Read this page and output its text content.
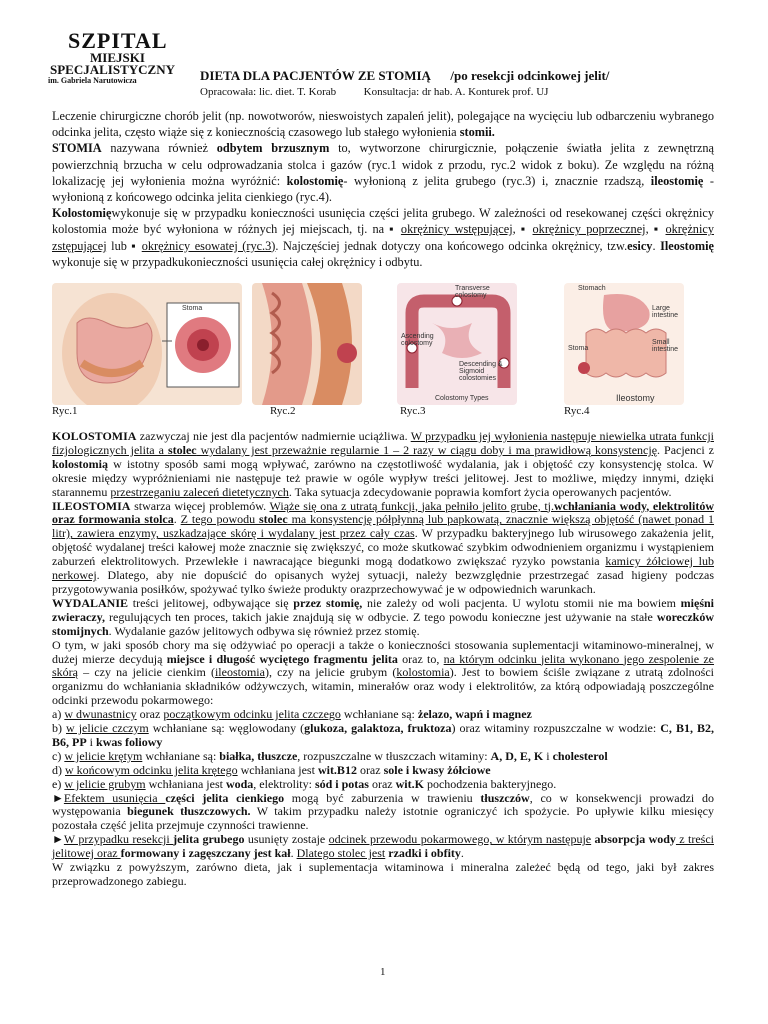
SZPITAL
MIEJSKI
SPECJALISTYCZNY
im. Gabriela Narutowicza	DIETA DLA PACJENTÓW ZE STOMIĄ /po resekcji odcinkowej jelit/
Opracowała: lic. diet. T. Korab	Konsultacja: dr hab. A. Konturek prof. UJ

Leczenie chirurgiczne chorób jelit (np. nowotworów, nieswoistych zapaleń jelit), polegające na wycięciu lub odbarczeniu wybranego odcinka jelita, często wiąże się z koniecznością czasowego lub stałego wyłonienia stomii.

STOMIA nazywana również odbytem brzusznym to, wytworzone chirurgicznie, połączenie światła jelita z zewnętrzną powierzchnią brzucha w celu odprowadzania stolca i gazów (ryc.1 widok z przodu, ryc.2 widok z boku). Ze względu na różną lokalizację jej wyłonienia można wyróżnić: kolostomię- wyłonioną z jelita grubego (ryc.3) i, znacznie rzadszą, ileostomię - wyłonioną z końcowego odcinka jelita cienkiego (ryc.4).

Kolostomięwykonuje się w przypadku konieczności usunięcia części jelita grubego. W zależności od resekowanej części okrężnicy kolostomia może być wyłoniona w różnych jej miejscach, tj. na ▪ okrężnicy wstępującej, ▪ okrężnicy poprzecznej, ▪ okrężnicy zstępującej lub ▪ okrężnicy esowatej (ryc.3). Najczęściej jednak dotyczy ona końcowego odcinka okrężnicy, tzw.esicy. Ileostomię wykonuje się w przypadkukonieczności usunięcia całej okrężnicy i odbytu.

Stoma
Transverse colostomy
Ascending colostomy
Descending & Sigmoid colostomies
Colostomy Types
Stomach
Large intestine
Stoma
Small intestine
Ileostomy
Ryc.1	Ryc.2	Ryc.3	Ryc.4

KOLOSTOMIA zazwyczaj nie jest dla pacjentów nadmiernie uciążliwa. W przypadku jej wyłonienia następuje niewielka utrata funkcji fizjologicznych jelita a stolec wydalany jest przeważnie regularnie 1 – 2 razy w ciągu doby i ma prawidłową konsystencję. Pacjenci z kolostomią w istotny sposób sami mogą wpływać, zarówno na częstotliwość wydalania, jak i objętość czy konsystencję stolca. W okresie między wypróżnieniami nie następuje też prawie w ogóle wypływ treści jelitowej. Jest to możliwe, między innymi, dzięki starannemu przestrzeganiu zaleceń dietetycznych. Taka sytuacja zdecydowanie poprawia komfort życia operowanych pacjentów.

ILEOSTOMIA stwarza więcej problemów. Wiąże się ona z utratą funkcji, jaka pełniło jelito grube, tj.wchłaniania wody, elektrolitów oraz formowania stolca. Z tego powodu stolec ma konsystencję półpłynną lub papkowatą, znacznie większą objętość (nawet ponad 1 litr), zawiera enzymy, uszkadzające skórę i wydalany jest przez cały czas. W przypadku bakteryjnego lub wirusowego zakażenia jelit, objętość wydalanej treści kałowej może znacznie się zwiększyć, co może skutkować szybkim odwodnieniem organizmu i wystąpieniem zaburzeń elektrolitowych. Przewlekłe i nawracające biegunki mogą dodatkowo zwiększać ryzyko powstania kamicy żółciowej lub nerkowej. Dlatego, aby nie dopuścić do opisanych wyżej sytuacji, należy bezwzględnie przestrzegać zasad higieny podczas przygotowywania posiłków, spożywać tylko świeże produkty orazprzechowywać je w odpowiednich warunkach.

WYDALANIE treści jelitowej, odbywające się przez stomię, nie zależy od woli pacjenta. U wylotu stomii nie ma bowiem mięśni zwieraczy, regulujących ten proces, takich jakie znajdują się w odbycie. Z tego powodu konieczne jest używanie na stałe woreczków stomijnych. Wydalanie gazów jelitowych odbywa się również przez stomię.

O tym, w jaki sposób chory ma się odżywiać po operacji a także o konieczności stosowania suplementacji witaminowo-mineralnej, w dużej mierze decydują miejsce i długość wyciętego fragmentu jelita oraz to, na którym odcinku jelita wykonano jego zespolenie ze skórą – czy na jelicie cienkim (ileostomia), czy na jelicie grubym (kolostomia). Jest to bowiem ściśle związane z utratą zdolności organizmu do wchłaniania składników odżywczych, witamin, minerałów oraz wody i elektrolitów, za którą odpowiadają poszczególne odcinki przewodu pokarmowego:

a) w dwunastnicy oraz początkowym odcinku jelita czczego wchłaniane są: żelazo, wapń i magnez

b) w jelicie czczym wchłaniane są: węglowodany (glukoza, galaktoza, fruktoza) oraz witaminy rozpuszczalne w wodzie: C, B1, B2, B6, PP i kwas foliowy

c) w jelicie krętym wchłaniane są: białka, tłuszcze, rozpuszczalne w tłuszczach witaminy: A, D, E, K i cholesterol

d) w końcowym odcinku jelita krętego wchłaniana jest wit.B12 oraz sole i kwasy żółciowe

e) w jelicie grubym wchłaniana jest woda, elektrolity: sód i potas oraz wit.K pochodzenia bakteryjnego.

►Efektem usunięcia części jelita cienkiego mogą być zaburzenia w trawieniu tłuszczów, co w konsekwencji prowadzi do występowania biegunek tłuszczowych. W takim przypadku należy istotnie ograniczyć ich spożycie. Po upływie kilku miesięcy pozostała część jelita przejmuje czynności trawienne.

►W przypadku resekcji jelita grubego usunięty zostaje odcinek przewodu pokarmowego, w którym następuje absorpcja wody z treści jelitowej oraz formowany i zagęszczany jest kał. Dlatego stolec jest rzadki i obfity.

W związku z powyższym, zarówno dieta, jak i suplementacja witaminowa i mineralna zależeć będą od tego, jaki był zakres przeprowadzonego zabiegu.

1
